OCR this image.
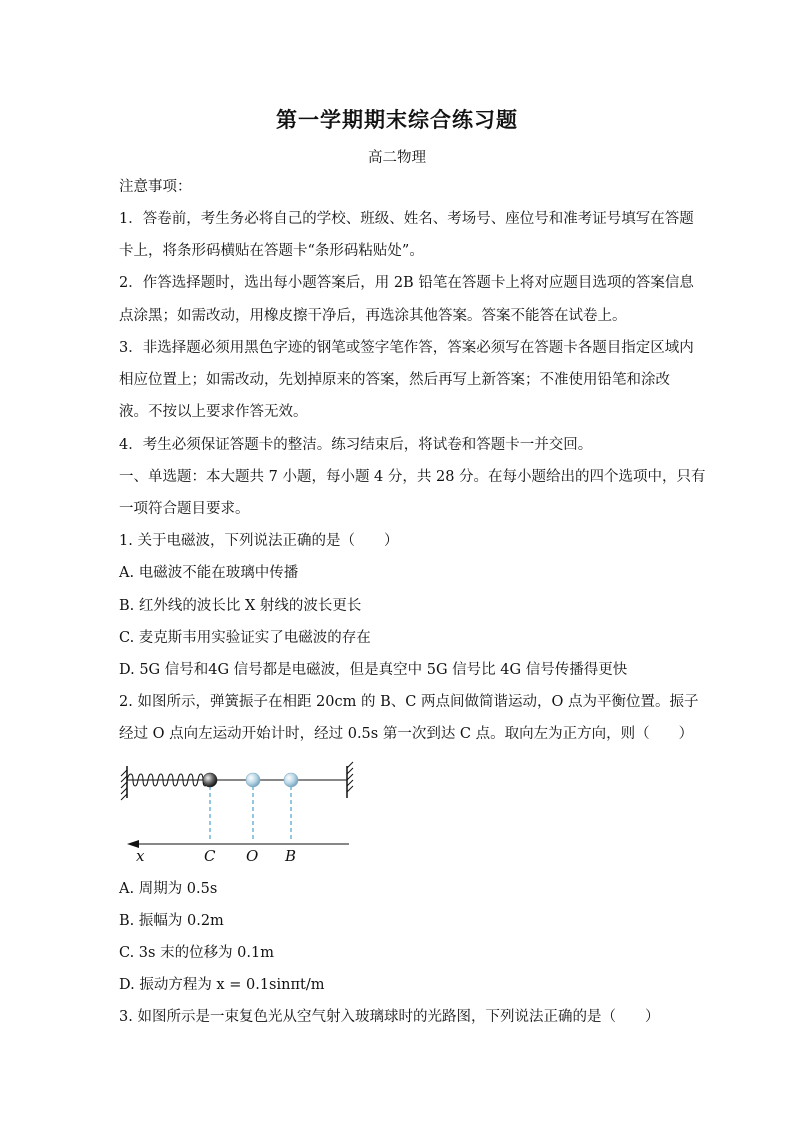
第一学期期末综合练习题
高二物理
注意事项：
1．答卷前，考生务必将自己的学校、班级、姓名、考场号、座位号和准考证号填写在答题
卡上，将条形码横贴在答题卡“条形码粘贴处”。
2．作答选择题时，选出每小题答案后，用 2B 铅笔在答题卡上将对应题目选项的答案信息
点涂黑；如需改动，用橡皮擦干净后，再选涂其他答案。答案不能答在试卷上。
3．非选择题必须用黑色字迹的钢笔或签字笔作答，答案必须写在答题卡各题目指定区域内
相应位置上；如需改动，先划掉原来的答案，然后再写上新答案；不准使用铅笔和涂改
液。不按以上要求作答无效。
4．考生必须保证答题卡的整洁。练习结束后，将试卷和答题卡一并交回。
一、单选题：本大题共 7 小题，每小题 4 分，共 28 分。在每小题给出的四个选项中，只有
一项符合题目要求。
1. 关于电磁波，下列说法正确的是（　　）
A. 电磁波不能在玻璃中传播
B. 红外线的波长比 X 射线的波长更长
C. 麦克斯韦用实验证实了电磁波的存在
D. 5G 信号和4G 信号都是电磁波，但是真空中 5G 信号比 4G 信号传播得更快
2. 如图所示，弹簧振子在相距 20cm 的 B、C 两点间做简谐运动，O 点为平衡位置。振子
经过 O 点向左运动开始计时，经过 0.5s 第一次到达 C 点。取向左为正方向，则（　　）
x	C O B
A. 周期为 0.5s
B. 振幅为 0.2m
C. 3s 末的位移为 0.1m
D. 振动方程为 x = 0.1sinπt/m
3. 如图所示是一束复色光从空气射入玻璃球时的光路图，下列说法正确的是（　　）
